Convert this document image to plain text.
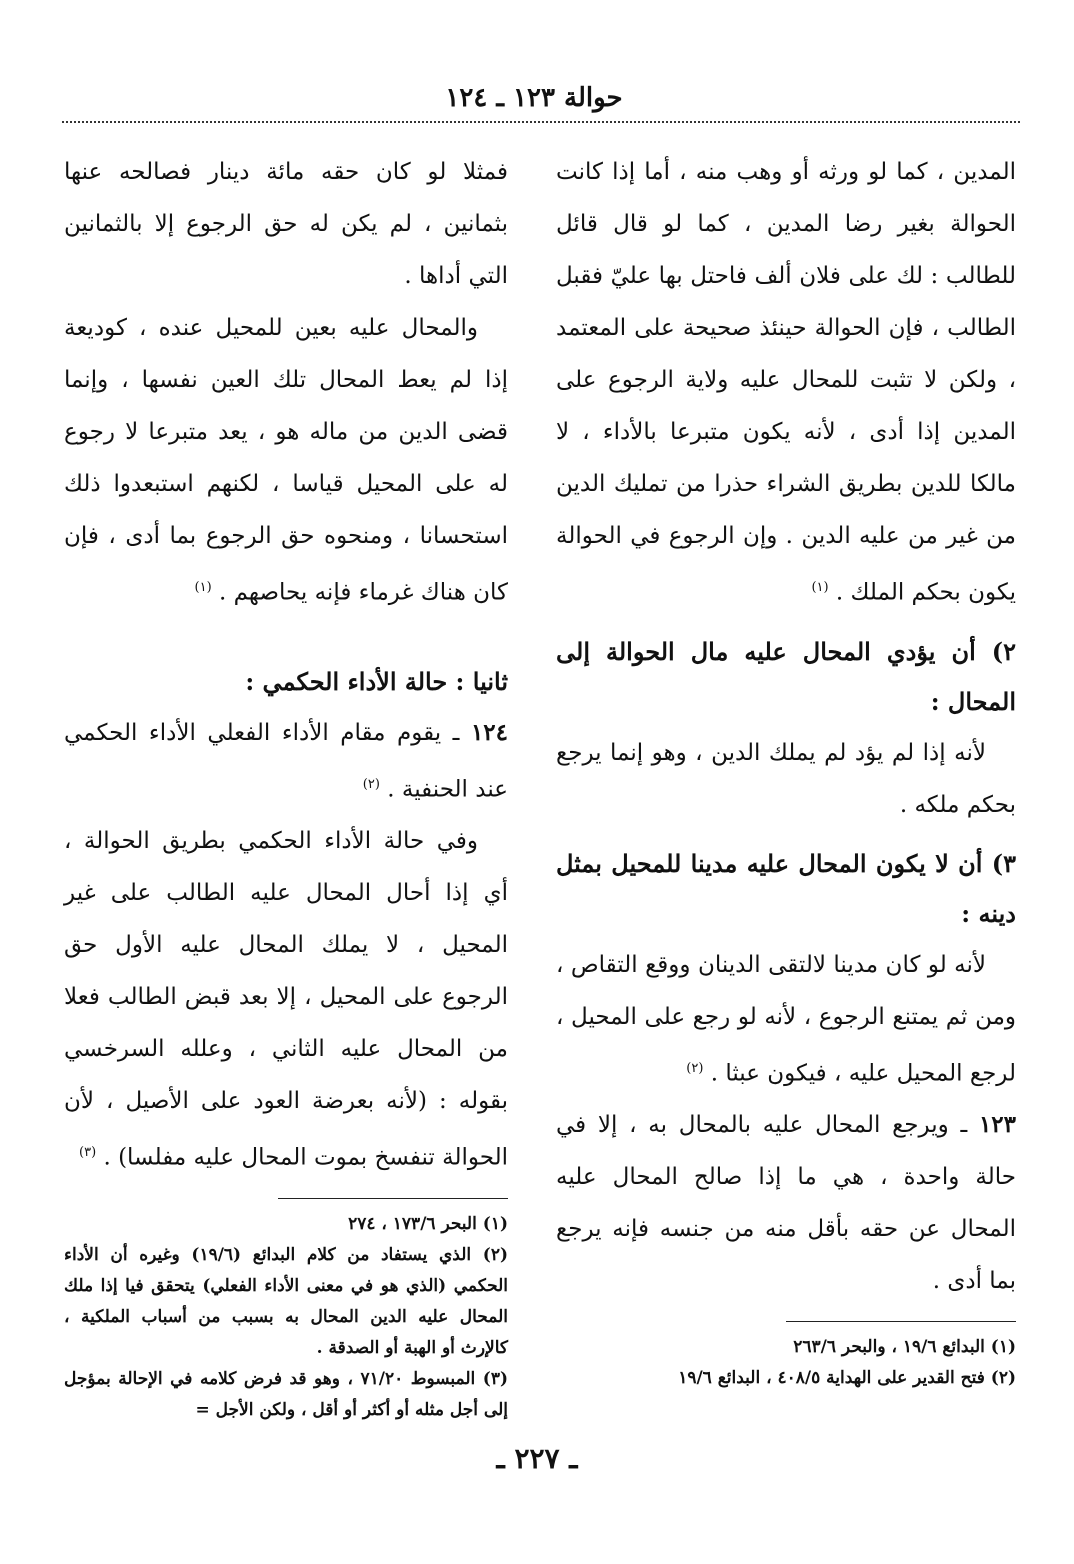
حوالة ١٢٣ ـ ١٢٤

المدين ، كما لو ورثه أو وهب منه ، أما إذا كانت الحوالة بغير رضا المدين ، كما لو قال قائل للطالب : لك على فلان ألف فاحتل بها عليّ فقبل الطالب ، فإن الحوالة حينئذ صحيحة على المعتمد ، ولكن لا تثبت للمحال عليه ولاية الرجوع على المدين إذا أدى ، لأنه يكون متبرعا بالأداء ، لا مالكا للدين بطريق الشراء حذرا من تمليك الدين من غير من عليه الدين . وإن الرجوع في الحوالة يكون بحكم الملك . $^{(١)}$

٢) أن يؤدي المحال عليه مال الحوالة إلى المحال :

لأنه إذا لم يؤد لم يملك الدين ، وهو إنما يرجع بحكم ملكه .

٣) أن لا يكون المحال عليه مدينا للمحيل بمثل دينه :

لأنه لو كان مدينا لالتقى الدينان ووقع التقاص ، ومن ثم يمتنع الرجوع ، لأنه لو رجع على المحيل ، لرجع المحيل عليه ، فيكون عبثا . $^{(٢)}$

١٢٣ ـ ويرجع المحال عليه بالمحال به ، إلا في حالة واحدة ، هي ما إذا صالح المحال عليه المحال عن حقه بأقل منه من جنسه فإنه يرجع بما أدى .

(١) البدائع ١٩/٦ ، والبحر ٢٦٣/٦

(٢) فتح القدير على الهداية ٤٠٨/٥ ، البدائع ١٩/٦

فمثلا لو كان حقه مائة دينار فصالحه عنها بثمانين ، لم يكن له حق الرجوع إلا بالثمانين التي أداها .

والمحال عليه بعين للمحيل عنده ، كوديعة إذا لم يعط المحال تلك العين نفسها ، وإنما قضى الدين من ماله هو ، يعد متبرعا لا رجوع له على المحيل قياسا ، لكنهم استبعدوا ذلك استحسانا ، ومنحوه حق الرجوع بما أدى ، فإن كان هناك غرماء فإنه يحاصهم . $^{(١)}$

ثانيا : حالة الأداء الحكمي :

١٢٤ ـ يقوم مقام الأداء الفعلي الأداء الحكمي عند الحنفية . $^{(٢)}$

وفي حالة الأداء الحكمي بطريق الحوالة ، أي إذا أحال المحال عليه الطالب على غير المحيل ، لا يملك المحال عليه الأول حق الرجوع على المحيل ، إلا بعد قبض الطالب فعلا من المحال عليه الثاني ، وعلله السرخسي بقوله : (لأنه بعرضة العود على الأصيل ، لأن الحوالة تنفسخ بموت المحال عليه مفلسا) . $^{(٣)}$

(١) البحر ١٧٣/٦ ، ٢٧٤

(٢) الذي يستفاد من كلام البدائع (١٩/٦) وغيره أن الأداء الحكمي (الذي هو في معنى الأداء الفعلي) يتحقق فيا إذا ملك المحال عليه الدين المحال به بسبب من أسباب الملكية ، كالإرث أو الهبة أو الصدقة .

(٣) المبسوط ٧١/٢٠ ، وهو قد فرض كلامه في الإحالة بمؤجل إلى أجل مثله أو أكثر أو أقل ، ولكن الأجل =

ـ ٢٢٧ ـ
